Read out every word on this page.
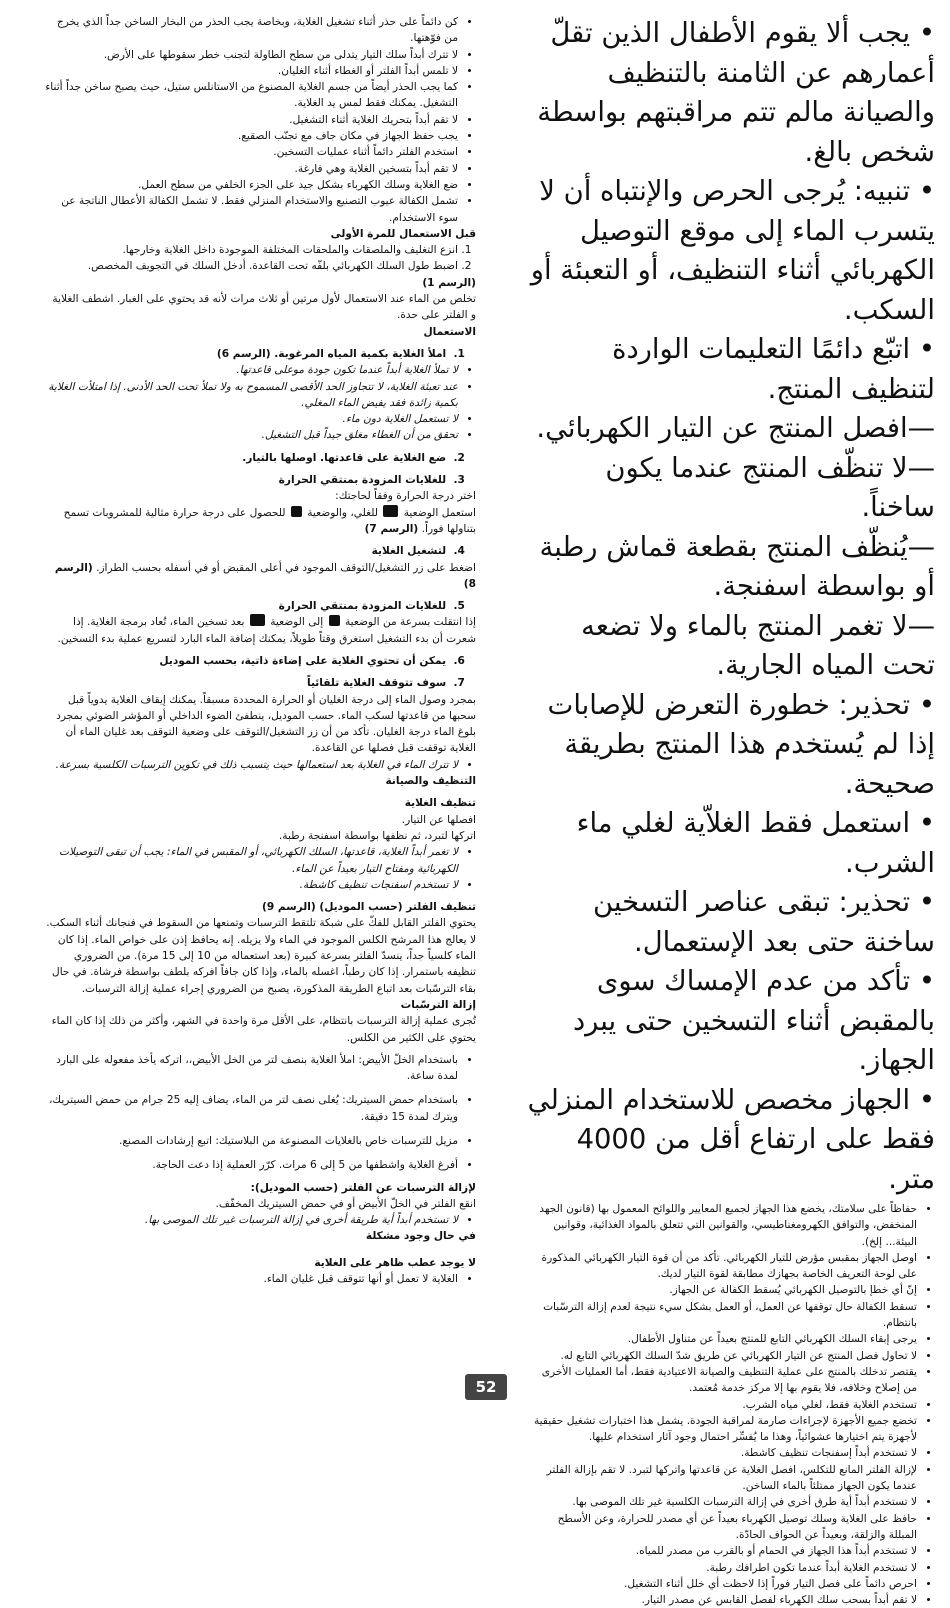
• يجب ألا يقوم الأطفال الذين تقلّ أعمارهم عن الثامنة بالتنظيف والصيانة مالم تتم مراقبتهم بواسطة شخص بالغ.

• تنبيه: يُرجى الحرص والإنتباه أن لا يتسرب الماء إلى موقع التوصيل الكهربائي أثناء التنظيف، أو التعبئة أو السكب.

• اتبّع دائمًا التعليمات الواردة لتنظيف المنتج.

—افصل المنتج عن التيار الكهربائي.

—لا تنظّف المنتج عندما يكون ساخناً.

—يُنظّف المنتج بقطعة قماش رطبة أو بواسطة اسفنجة.

—لا تغمر المنتج بالماء ولا تضعه تحت المياه الجارية.

• تحذير: خطورة التعرض للإصابات إذا لم يُستخدم هذا المنتج بطريقة صحيحة.

• استعمل فقط الغلاّية لغلي ماء الشرب.

• تحذير: تبقى عناصر التسخين ساخنة حتى بعد الإستعمال.

• تأكد من عدم الإمساك سوى بالمقبض أثناء التسخين حتى يبرد الجهاز.

• الجهاز مخصص للاستخدام المنزلي فقط على ارتفاع أقل من 4000 متر.

• حفاظاً على سلامتك، يخضع هذا الجهاز لجميع المعايير واللوائح المعمول بها (قانون الجهد المنخفض، والتوافق الكهرومغناطيسي، والقوانين التي تتعلق بالمواد الغذائية، وقوانين البيئة... إلخ).
• اوصل الجهاز بمقبس مؤرض للتيار الكهربائي. تأكد من أن قوة التيار الكهربائي المذكورة على لوحة التعريف الخاصة بجهازك مطابقة لقوة التيار لديك.
• إنّ أي خطإ بالتوصيل الكهربائي يُسقط الكفالة عن الجهاز.
• تسقط الكفالة حال توقفها عن العمل، أو العمل بشكل سيء نتيجة لعدم إزالة الترسّبات بانتظام.
• يرجى إبقاء السلك الكهربائي التابع للمنتج بعيداً عن متناول الأطفال.
• لا تحاول فصل المنتج عن التيار الكهربائي عن طريق شدّ السلك الكهربائي التابع له.
• يقتصر تدخلك بالمنتج على عملية التنظيف والصيانة الاعتيادية فقط، أما العمليات الأخرى من إصلاح وخلافه، فلا يقوم بها إلا مركز خدمة مُعتمد.
• تستخدم الغلاية فقط، لغلي مياه الشرب.
• تخضع جميع الأجهزة لإجراءات صارمة لمراقبة الجودة. يشمل هذا اختبارات تشغيل حقيقية لأجهزة يتم اختيارها عشوائياً، وهذا ما يُفسِّر احتمال وجود آثار استخدام عليها.
• لا تستخدم أبداً إسفنجات تنظيف كاشطة.
• لإزالة الفلتر المانع للتكلس، افصل الغلاية عن قاعدتها واتركها لتبرد. لا تقم بإزالة الفلتر عندما يكون الجهاز ممتلئاً بالماء الساخن.
• لا تستخدم أبداً أية طرق أخرى في إزالة الترسبات الكلسية غير تلك الموصى بها.
• حافظ على الغلاية وسلك توصيل الكهرباء بعيداً عن أي مصدر للحرارة، وعن الأسطح المبللة والزلقة، وبعيداً عن الحواف الحادّة.
• لا تستخدم أبداً هذا الجهاز في الحمام أو بالقرب من مصدر للمياه.
• لا تستخدم الغلاية أبداً عندما تكون اطرافك رطبة.
• احرص دائماً على فصل التيار فوراً إذا لاحظت أي خلل أثناء التشغيل.
• لا تقم أبداً بسحب سلك الكهرباء لفصل القابس عن مصدر التيار.
• كن دائماً على حذر أثناء تشغيل الغلاية، وبخاصة يجب الحذر من البخار الساخن جداً الذي يخرج من فوّهتها.
• لا تترك أبداً سلك التيار يتدلى من سطح الطاولة لتجنب خطر سقوطها على الأرض.
• لا تلمس أبداً الفلتر أو الغطاء أثناء الغليان.
• كما يجب الحذر أيضاً من جسم الغلاية المصنوع من الاستانلس ستيل، حيث يصبح ساخن جداً أثناء التشغيل. يمكنك فقط لمس يد الغلاية.
• لا تقم أبداً بتحريك الغلاية أثناء التشغيل.
• يجب حفظ الجهاز في مكان جاف مع تجنّب الصقيع.
• استخدم الفلتر دائماً أثناء عمليات التسخين.
• لا تقم أبداً بتسخين الغلاية وهي فارغة.
• ضع الغلاية وسلك الكهرباء بشكل جيد على الجزء الخلفي من سطح العمل.
• تشمل الكفالة عيوب التصنيع والاستخدام المنزلي فقط. لا تشمل الكفالة الأعطال الناتجة عن سوء الاستخدام.

قبل الاستعمال للمرة الأولى

1. انزع التغليف والملصقات والملحقات المختلفة الموجودة داخل الغلاية وخارجها.
2. اضبط طول السلك الكهربائي بلفّه تحت القاعدة. أدخل السلك في التجويف المخصص.

(الرسم 1)

تخلص من الماء عند الاستعمال لأول مرتين أو ثلاث مرات لأنه قد يحتوي على الغبار. اشطف الغلاية و الفلتر على حدة.

الاستعمال

1.  املأ الغلاية بكمية المياه المرغوبة. (الرسم 6)

• لا تملأ الغلاية أبداً عندما تكون جودة موعلى قاعدتها.
• عند تعبئة الغلاية، لا تتجاوز الحد الأقصى المسموح به ولا تملأ تحت الحد الأدنى. إذا امتلأت الغلاية بكمية زائدة فقد يفيض الماء المغلي.
• لا تستعمل الغلاية دون ماء.
• تحقق من أن الغطاء مغلق جيداً قبل التشغيل.

2.  ضع الغلاية على قاعدتها. اوصلها بالتيار.

3.  للغلايات المزودة بمنتقي الحرارة

اختر درجة الحرارة وفقاً لحاجتك:

استعمل الوضعية  للغلي، والوضعية  للحصول على درجة حرارة مثالية للمشروبات تسمح بتناولها فوراً. (الرسم 7)

4.  لتشغيل الغلاية

اضغط على زر التشغيل/التوقف الموجود في أعلى المقبض أو في أسفله بحسب الطراز. (الرسم 8)

5.  للغلايات المزودة بمنتقي الحرارة

إذا انتقلت بسرعة من الوضعية  إلى الوضعية  بعد تسخين الماء، تُعاد برمجة الغلاية. إذا شعرت أن بدء التشغيل استغرق وقتاً طويلاً، يمكنك إضافة الماء البارد لتسريع عملية بدء التسخين.

6.  يمكن أن تحتوي الغلاية على إضاءة ذاتية، بحسب الموديل

7.  سوف تتوقف الغلاية تلقائياً

بمجرد وصول الماء إلى درجة الغليان أو الحرارة المحددة مسبقاً. يمكنك إيقاف الغلاية يدوياً قبل سحبها من قاعدتها لسكب الماء. حسب الموديل، ينطفئ الضوء الداخلي أو المؤشر الضوئي بمجرد بلوغ الماء درجة الغليان. تأكد من أن زر التشغيل/التوقف على وضعية التوقف بعد غليان الماء أن الغلاية توقفت قبل فصلها عن القاعدة.

• لا تترك الماء في الغلاية بعد استعمالها حيث يتسبب ذلك في تكوين الترسبات الكلسية بسرعة.

التنظيف والصيانة

تنظيف الغلاية

افصلها عن التيار.

اتركها لتبرد، ثم نظفها بواسطة اسفنجة رطبة.

• لا تغمر أبداً الغلاية، قاعدتها، السلك الكهربائي، أو المقبس في الماء: يجب أن تبقى التوصيلات الكهربائية ومفتاح التيار بعيداً عن الماء.
• لا تستخدم اسفنجات تنظيف كاشطة.

تنظيف الفلتر (حسب الموديل) (الرسم 9)

يحتوي الفلتر القابل للفكّ على شبكة تلتقط الترسبات وتمنعها من السقوط في فنجانك أثناء السكب. لا يعالج هذا المرشح الكلس الموجود في الماء ولا يزيله. إنه يحافظ إذن على خواص الماء. إذا كان الماء كلسياً جداً، ينسدّ الفلتر بسرعة كبيرة (بعد استعماله من 10 إلى 15 مرة). من الضروري تنظيفه باستمرار. إذا كان رطباً، اغسله بالماء، وإذا كان جافاً افركه بلطف بواسطة فرشاة. في حال بقاء الترسّبات بعد اتباع الطريقة المذكورة، يصبح من الضروري إجراء عملية إزالة الترسبات.

إزالة الترسّبات

تُجرى عملية إزالة الترسبات بانتظام، على الأقل مرة واحدة في الشهر، وأكثر من ذلك إذا كان الماء يحتوي على الكثير من الكلس.

• باستخدام الخلّ الأبيض: املأ الغلاية بنصف لتر من الخل الأبيض،، اتركه يأخذ مفعوله على البارد لمدة ساعة.
• باستخدام حمض السيتريك: يُغلى نصف لتر من الماء، يضاف إليه 25 جرام من حمض السيتريك، ويترك لمدة 15 دقيقة.
• مزيل للترسبات خاص بالغلايات المصنوعة من البلاستيك: اتبع إرشادات المصنع.
• أفرغ الغلاية واشطفها من 5 إلى 6 مرات. كرّر العملية إذا دعت الحاجة.

لإزالة الترسبات عن الفلتر (حسب الموديل):

انقع الفلتر في الخلّ الأبيض أو في حمض السيتريك المخفّف.

• لا تستخدم أبداً أية طريقة أخرى في إزالة الترسبات غير تلك الموصى بها.

في حال وجود مشكلة

لا يوجد عطب ظاهر على الغلاية

• الغلاية لا تعمل أو أنها تتوقف قبل غليان الماء.
52
